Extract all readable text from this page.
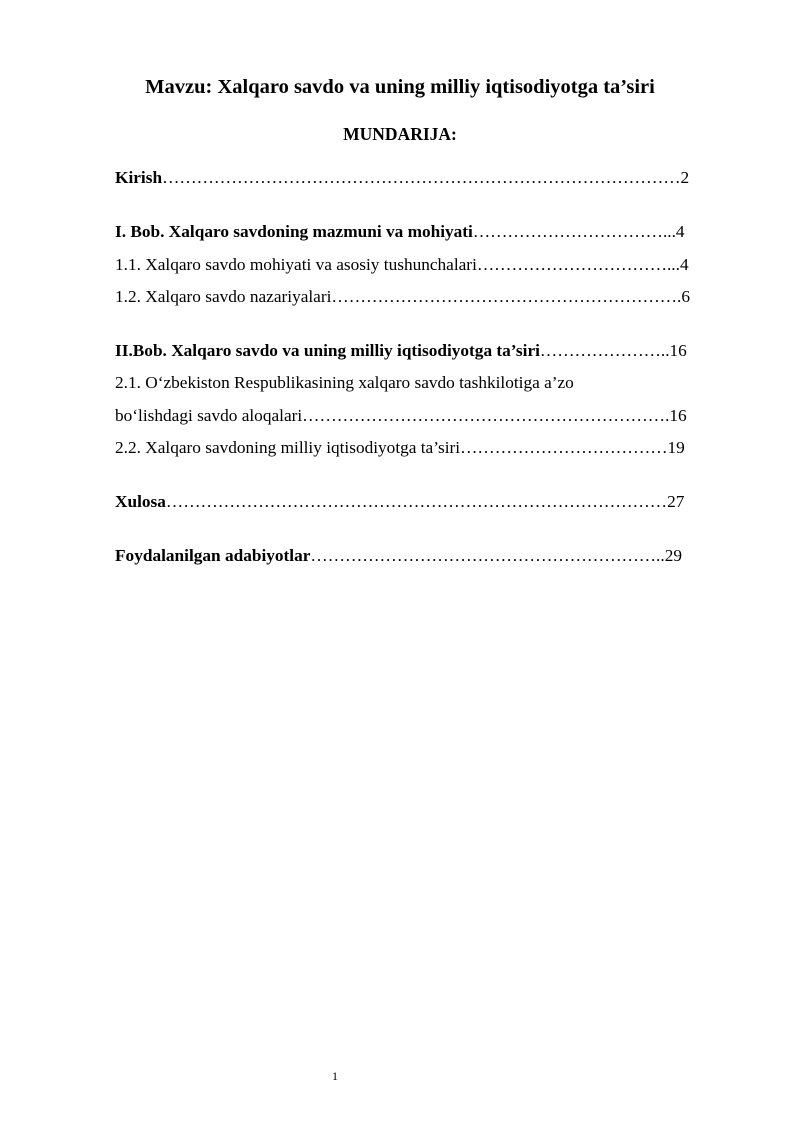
Mavzu: Xalqaro savdo va uning milliy iqtisodiyotga ta’siri
MUNDARIJA:
Kirish………………………………………………………………………………2
I. Bob. Xalqaro savdoning mazmuni va mohiyati……………………………...4
1.1. Xalqaro savdo mohiyati va asosiy tushunchalari……………………………...4
1.2. Xalqaro savdo nazariyalari…………………………………………………….6
II.Bob. Xalqaro savdo va uning milliy iqtisodiyotga ta’siri…………………..16
2.1. O‘zbekiston Respublikasining xalqaro savdo tashkilotiga a’zo
bo‘lishdagi savdo aloqalari……………………………………………………….16
2.2. Xalqaro savdoning milliy iqtisodiyotga ta’siri………………………………19
Xulosa……………………………………………………………………………27
Foydalanilgan adabiyotlar……………………………………………………..29
1
